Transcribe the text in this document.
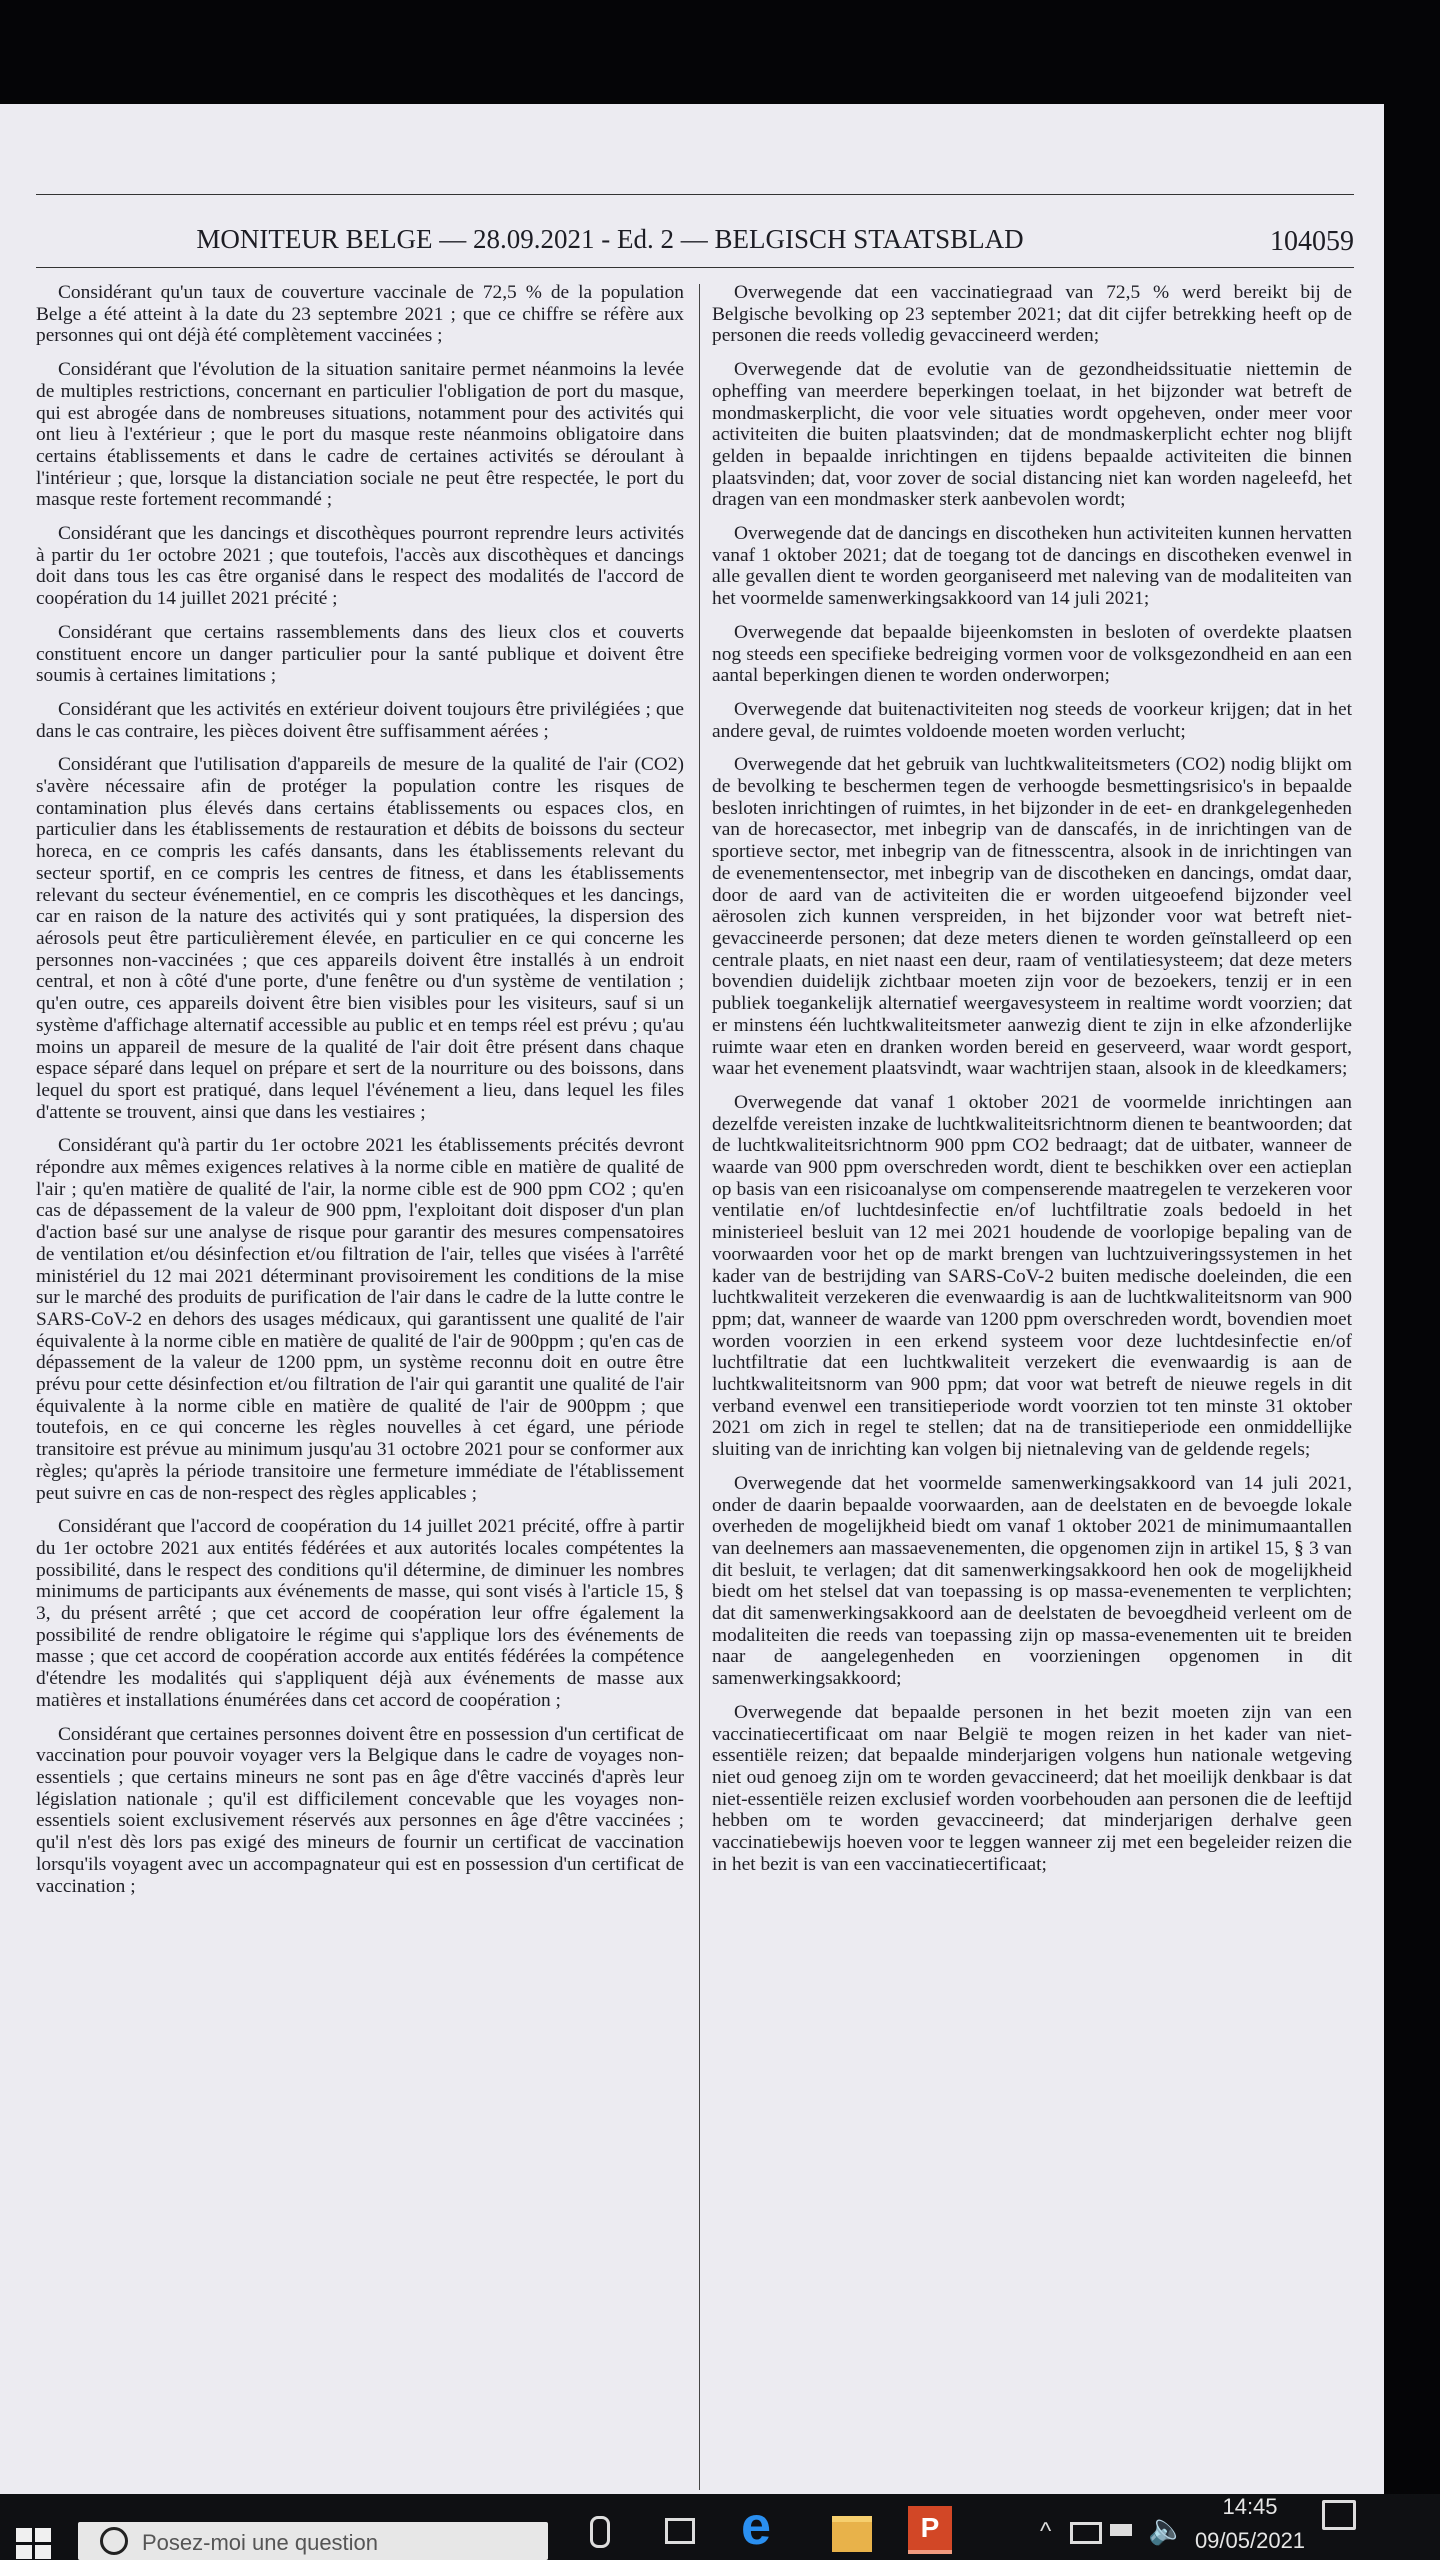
MONITEUR BELGE — 28.09.2021 - Ed. 2 — BELGISCH STAATSBLAD	104059

Considérant qu'un taux de couverture vaccinale de 72,5 % de la population Belge a été atteint à la date du 23 septembre 2021 ; que ce chiffre se réfère aux personnes qui ont déjà été complètement vaccinées ;

Considérant que l'évolution de la situation sanitaire permet néanmoins la levée de multiples restrictions, concernant en particulier l'obligation de port du masque, qui est abrogée dans de nombreuses situations, notamment pour des activités qui ont lieu à l'extérieur ; que le port du masque reste néanmoins obligatoire dans certains établissements et dans le cadre de certaines activités se déroulant à l'intérieur ; que, lorsque la distanciation sociale ne peut être respectée, le port du masque reste fortement recommandé ;

Considérant que les dancings et discothèques pourront reprendre leurs activités à partir du 1er octobre 2021 ; que toutefois, l'accès aux discothèques et dancings doit dans tous les cas être organisé dans le respect des modalités de l'accord de coopération du 14 juillet 2021 précité ;

Considérant que certains rassemblements dans des lieux clos et couverts constituent encore un danger particulier pour la santé publique et doivent être soumis à certaines limitations ;

Considérant que les activités en extérieur doivent toujours être privilégiées ; que dans le cas contraire, les pièces doivent être suffisamment aérées ;

Considérant que l'utilisation d'appareils de mesure de la qualité de l'air (CO2) s'avère nécessaire afin de protéger la population contre les risques de contamination plus élevés dans certains établissements ou espaces clos, en particulier dans les établissements de restauration et débits de boissons du secteur horeca, en ce compris les cafés dansants, dans les établissements relevant du secteur sportif, en ce compris les centres de fitness, et dans les établissements relevant du secteur événementiel, en ce compris les discothèques et les dancings, car en raison de la nature des activités qui y sont pratiquées, la dispersion des aérosols peut être particulièrement élevée, en particulier en ce qui concerne les personnes non-vaccinées ; que ces appareils doivent être installés à un endroit central, et non à côté d'une porte, d'une fenêtre ou d'un système de ventilation ; qu'en outre, ces appareils doivent être bien visibles pour les visiteurs, sauf si un système d'affichage alternatif accessible au public et en temps réel est prévu ; qu'au moins un appareil de mesure de la qualité de l'air doit être présent dans chaque espace séparé dans lequel on prépare et sert de la nourriture ou des boissons, dans lequel du sport est pratiqué, dans lequel l'événement a lieu, dans lequel les files d'attente se trouvent, ainsi que dans les vestiaires ;

Considérant qu'à partir du 1er octobre 2021 les établissements précités devront répondre aux mêmes exigences relatives à la norme cible en matière de qualité de l'air ; qu'en matière de qualité de l'air, la norme cible est de 900 ppm CO2 ; qu'en cas de dépassement de la valeur de 900 ppm, l'exploitant doit disposer d'un plan d'action basé sur une analyse de risque pour garantir des mesures compensatoires de ventilation et/ou désinfection et/ou filtration de l'air, telles que visées à l'arrêté ministériel du 12 mai 2021 déterminant provisoirement les conditions de la mise sur le marché des produits de purification de l'air dans le cadre de la lutte contre le SARS-CoV-2 en dehors des usages médicaux, qui garantissent une qualité de l'air équivalente à la norme cible en matière de qualité de l'air de 900ppm ; qu'en cas de dépassement de la valeur de 1200 ppm, un système reconnu doit en outre être prévu pour cette désinfection et/ou filtration de l'air qui garantit une qualité de l'air équivalente à la norme cible en matière de qualité de l'air de 900ppm ; que toutefois, en ce qui concerne les règles nouvelles à cet égard, une période transitoire est prévue au minimum jusqu'au 31 octobre 2021 pour se conformer aux règles; qu'après la période transitoire une fermeture immédiate de l'établissement peut suivre en cas de non-respect des règles applicables ;

Considérant que l'accord de coopération du 14 juillet 2021 précité, offre à partir du 1er octobre 2021 aux entités fédérées et aux autorités locales compétentes la possibilité, dans le respect des conditions qu'il détermine, de diminuer les nombres minimums de participants aux événements de masse, qui sont visés à l'article 15, § 3, du présent arrêté ; que cet accord de coopération leur offre également la possibilité de rendre obligatoire le régime qui s'applique lors des événements de masse ; que cet accord de coopération accorde aux entités fédérées la compétence d'étendre les modalités qui s'appliquent déjà aux événements de masse aux matières et installations énumérées dans cet accord de coopération ;

Considérant que certaines personnes doivent être en possession d'un certificat de vaccination pour pouvoir voyager vers la Belgique dans le cadre de voyages non-essentiels ; que certains mineurs ne sont pas en âge d'être vaccinés d'après leur législation nationale ; qu'il est difficilement concevable que les voyages non-essentiels soient exclusivement réservés aux personnes en âge d'être vaccinées ; qu'il n'est dès lors pas exigé des mineurs de fournir un certificat de vaccination lorsqu'ils voyagent avec un accompagnateur qui est en possession d'un certificat de vaccination ;

Overwegende dat een vaccinatiegraad van 72,5 % werd bereikt bij de Belgische bevolking op 23 september 2021; dat dit cijfer betrekking heeft op de personen die reeds volledig gevaccineerd werden;

Overwegende dat de evolutie van de gezondheidssituatie niettemin de opheffing van meerdere beperkingen toelaat, in het bijzonder wat betreft de mondmaskerplicht, die voor vele situaties wordt opgeheven, onder meer voor activiteiten die buiten plaatsvinden; dat de mondmaskerplicht echter nog blijft gelden in bepaalde inrichtingen en tijdens bepaalde activiteiten die binnen plaatsvinden; dat, voor zover de social distancing niet kan worden nageleefd, het dragen van een mondmasker sterk aanbevolen wordt;

Overwegende dat de dancings en discotheken hun activiteiten kunnen hervatten vanaf 1 oktober 2021; dat de toegang tot de dancings en discotheken evenwel in alle gevallen dient te worden georganiseerd met naleving van de modaliteiten van het voormelde samenwerkingsakkoord van 14 juli 2021;

Overwegende dat bepaalde bijeenkomsten in besloten of overdekte plaatsen nog steeds een specifieke bedreiging vormen voor de volksgezondheid en aan een aantal beperkingen dienen te worden onderworpen;

Overwegende dat buitenactiviteiten nog steeds de voorkeur krijgen; dat in het andere geval, de ruimtes voldoende moeten worden verlucht;

Overwegende dat het gebruik van luchtkwaliteitsmeters (CO2) nodig blijkt om de bevolking te beschermen tegen de verhoogde besmettingsrisico's in bepaalde besloten inrichtingen of ruimtes, in het bijzonder in de eet- en drankgelegenheden van de horecasector, met inbegrip van de danscafés, in de inrichtingen van de sportieve sector, met inbegrip van de fitnesscentra, alsook in de inrichtingen van de evenementensector, met inbegrip van de discotheken en dancings, omdat daar, door de aard van de activiteiten die er worden uitgeoefend bijzonder veel aërosolen zich kunnen verspreiden, in het bijzonder voor wat betreft niet-gevaccineerde personen; dat deze meters dienen te worden geïnstalleerd op een centrale plaats, en niet naast een deur, raam of ventilatiesysteem; dat deze meters bovendien duidelijk zichtbaar moeten zijn voor de bezoekers, tenzij er in een publiek toegankelijk alternatief weergavesysteem in realtime wordt voorzien; dat er minstens één luchtkwaliteitsmeter aanwezig dient te zijn in elke afzonderlijke ruimte waar eten en dranken worden bereid en geserveerd, waar wordt gesport, waar het evenement plaatsvindt, waar wachtrijen staan, alsook in de kleedkamers;

Overwegende dat vanaf 1 oktober 2021 de voormelde inrichtingen aan dezelfde vereisten inzake de luchtkwaliteitsrichtnorm dienen te beantwoorden; dat de luchtkwaliteitsrichtnorm 900 ppm CO2 bedraagt; dat de uitbater, wanneer de waarde van 900 ppm overschreden wordt, dient te beschikken over een actieplan op basis van een risicoanalyse om compenserende maatregelen te verzekeren voor ventilatie en/of luchtdesinfectie en/of luchtfiltratie zoals bedoeld in het ministerieel besluit van 12 mei 2021 houdende de voorlopige bepaling van de voorwaarden voor het op de markt brengen van luchtzuiveringssystemen in het kader van de bestrijding van SARS-CoV-2 buiten medische doeleinden, die een luchtkwaliteit verzekeren die evenwaardig is aan de luchtkwaliteitsnorm van 900 ppm; dat, wanneer de waarde van 1200 ppm overschreden wordt, bovendien moet worden voorzien in een erkend systeem voor deze luchtdesinfectie en/of luchtfiltratie dat een luchtkwaliteit verzekert die evenwaardig is aan de luchtkwaliteitsnorm van 900 ppm; dat voor wat betreft de nieuwe regels in dit verband evenwel een transitieperiode wordt voorzien tot ten minste 31 oktober 2021 om zich in regel te stellen; dat na de transitieperiode een onmiddellijke sluiting van de inrichting kan volgen bij nietnaleving van de geldende regels;

Overwegende dat het voormelde samenwerkingsakkoord van 14 juli 2021, onder de daarin bepaalde voorwaarden, aan de deelstaten en de bevoegde lokale overheden de mogelijkheid biedt om vanaf 1 oktober 2021 de minimumaantallen van deelnemers aan massaevenementen, die opgenomen zijn in artikel 15, § 3 van dit besluit, te verlagen; dat dit samenwerkingsakkoord hen ook de mogelijkheid biedt om het stelsel dat van toepassing is op massa-evenementen te verplichten; dat dit samenwerkingsakkoord aan de deelstaten de bevoegdheid verleent om de modaliteiten die reeds van toepassing zijn op massa-evenementen uit te breiden naar de aangelegenheden en voorzieningen opgenomen in dit samenwerkingsakkoord;

Overwegende dat bepaalde personen in het bezit moeten zijn van een vaccinatiecertificaat om naar België te mogen reizen in het kader van niet-essentiële reizen; dat bepaalde minderjarigen volgens hun nationale wetgeving niet oud genoeg zijn om te worden gevaccineerd; dat het moeilijk denkbaar is dat niet-essentiële reizen exclusief worden voorbehouden aan personen die de leeftijd hebben om te worden gevaccineerd; dat minderjarigen derhalve geen vaccinatiebewijs hoeven voor te leggen wanneer zij met een begeleider reizen die in het bezit is van een vaccinatiecertificaat;

Posez-moi une question	e	P	^	🔈
14:45
09/05/2021
